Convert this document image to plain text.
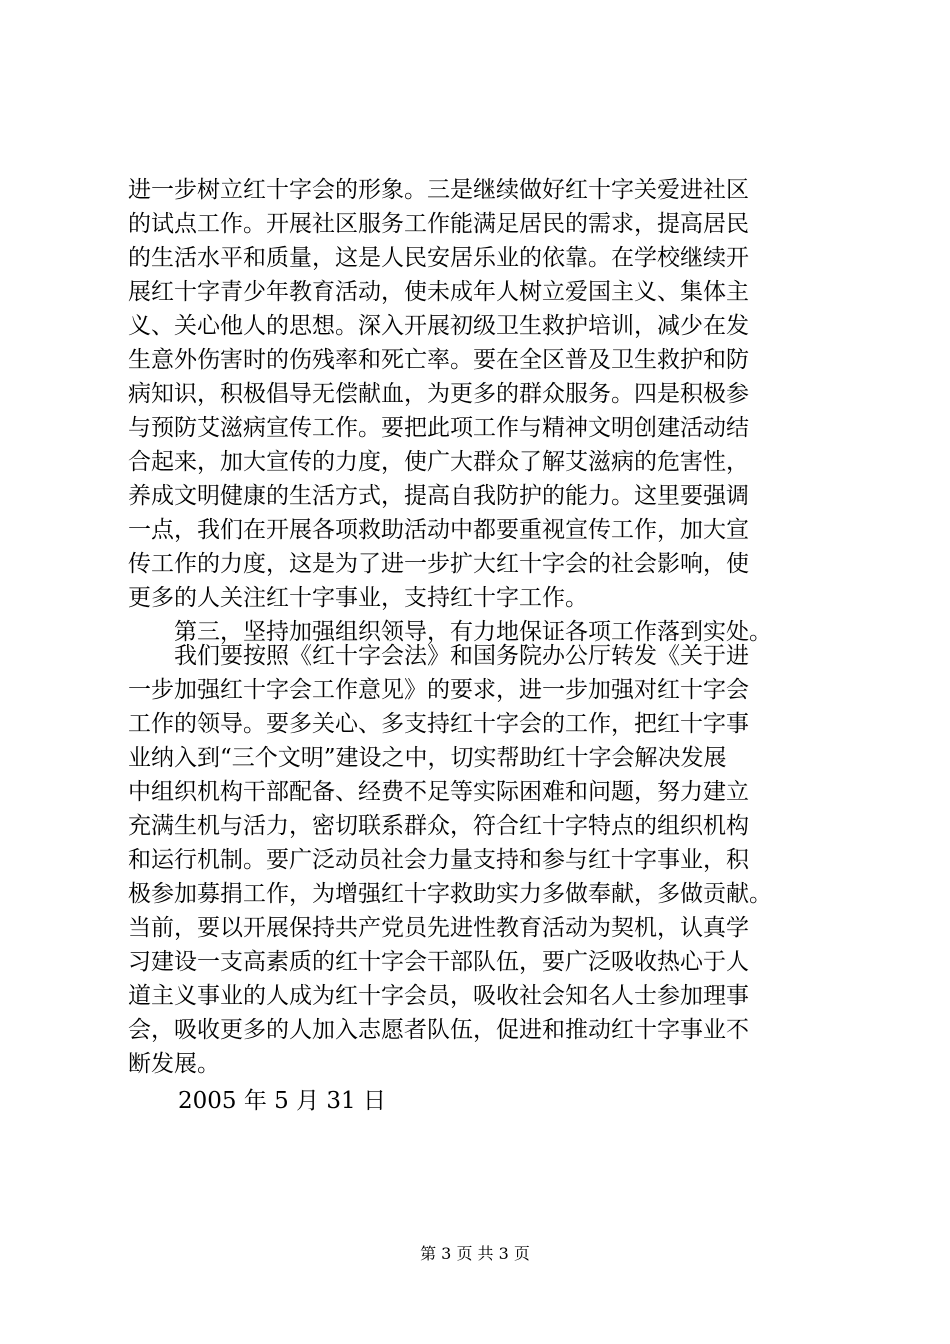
进一步树立红十字会的形象。三是继续做好红十字关爱进社区
的试点工作。开展社区服务工作能满足居民的需求，提高居民
的生活水平和质量，这是人民安居乐业的依靠。在学校继续开
展红十字青少年教育活动，使未成年人树立爱国主义、集体主
义、关心他人的思想。深入开展初级卫生救护培训，减少在发
生意外伤害时的伤残率和死亡率。要在全区普及卫生救护和防
病知识，积极倡导无偿献血，为更多的群众服务。四是积极参
与预防艾滋病宣传工作。要把此项工作与精神文明创建活动结
合起来，加大宣传的力度，使广大群众了解艾滋病的危害性，
养成文明健康的生活方式，提高自我防护的能力。这里要强调
一点，我们在开展各项救助活动中都要重视宣传工作，加大宣
传工作的力度，这是为了进一步扩大红十字会的社会影响，使
更多的人关注红十字事业，支持红十字工作。
　　第三，坚持加强组织领导，有力地保证各项工作落到实处。
　　我们要按照《红十字会法》和国务院办公厅转发《关于进
一步加强红十字会工作意见》的要求，进一步加强对红十字会
工作的领导。要多关心、多支持红十字会的工作，把红十字事
业纳入到“三个文明”建设之中，切实帮助红十字会解决发展
中组织机构干部配备、经费不足等实际困难和问题，努力建立
充满生机与活力，密切联系群众，符合红十字特点的组织机构
和运行机制。要广泛动员社会力量支持和参与红十字事业，积
极参加募捐工作，为增强红十字救助实力多做奉献，多做贡献。
当前，要以开展保持共产党员先进性教育活动为契机，认真学
习建设一支高素质的红十字会干部队伍，要广泛吸收热心于人
道主义事业的人成为红十字会员，吸收社会知名人士参加理事
会，吸收更多的人加入志愿者队伍，促进和推动红十字事业不
断发展。
2005 年 5 月 31 日
第 3 页 共 3 页
